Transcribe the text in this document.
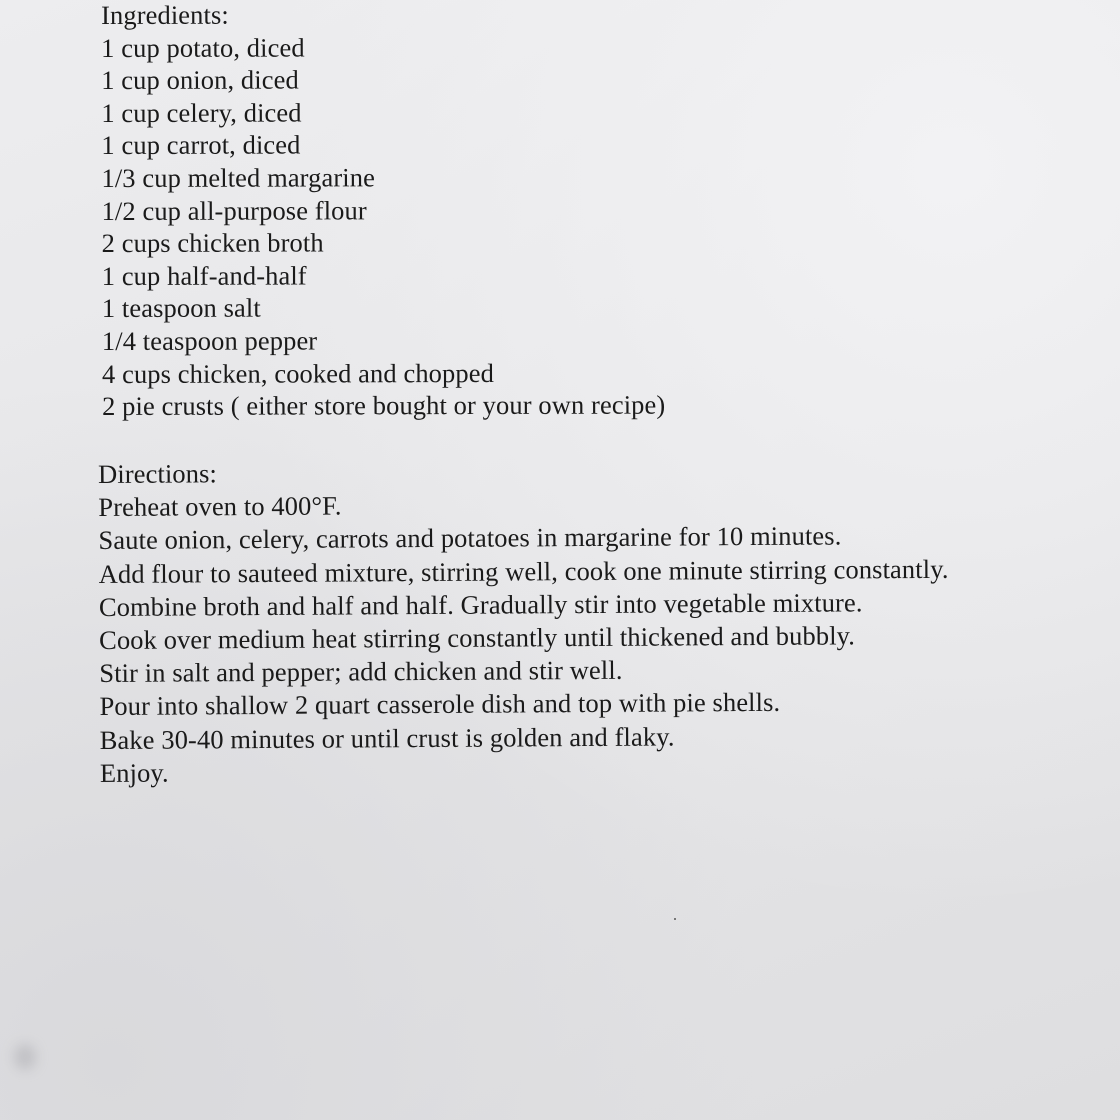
Ingredients:
1 cup potato, diced
1 cup onion, diced
1 cup celery, diced
1 cup carrot, diced
1/3 cup melted margarine
1/2 cup all-purpose flour
2 cups chicken broth
1 cup half-and-half
1 teaspoon salt
1/4 teaspoon pepper
4 cups chicken, cooked and chopped
2 pie crusts ( either store bought or your own recipe)
Directions:
Preheat oven to 400°F.
Saute onion, celery, carrots and potatoes in margarine for 10 minutes.
Add flour to sauteed mixture, stirring well, cook one minute stirring constantly.
Combine broth and half and half. Gradually stir into vegetable mixture.
Cook over medium heat stirring constantly until thickened and bubbly.
Stir in salt and pepper; add chicken and stir well.
Pour into shallow 2 quart casserole dish and top with pie shells.
Bake 30-40 minutes or until crust is golden and flaky.
Enjoy.
